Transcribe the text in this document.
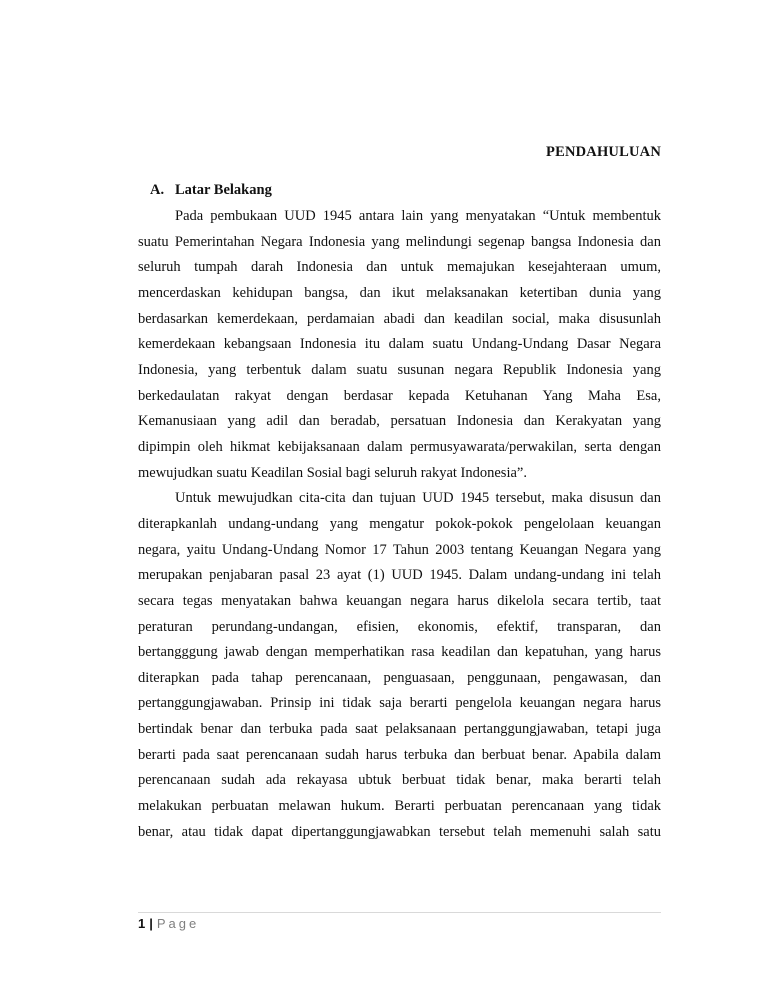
PENDAHULUAN
A. Latar Belakang
Pada pembukaan UUD 1945 antara lain yang menyatakan “Untuk membentuk
suatu Pemerintahan Negara Indonesia yang melindungi segenap bangsa Indonesia dan
seluruh tumpah darah Indonesia dan untuk memajukan kesejahteraan umum,
mencerdaskan kehidupan bangsa, dan ikut melaksanakan ketertiban dunia yang
berdasarkan kemerdekaan, perdamaian abadi dan keadilan social, maka disusunlah
kemerdekaan kebangsaan Indonesia itu dalam suatu Undang-Undang Dasar Negara
Indonesia, yang terbentuk dalam suatu susunan negara Republik Indonesia yang
berkedaulatan rakyat dengan berdasar kepada Ketuhanan Yang Maha Esa,
Kemanusiaan yang adil dan beradab, persatuan Indonesia dan Kerakyatan yang
dipimpin oleh hikmat kebijaksanaan dalam permusyawarata/perwakilan, serta dengan
mewujudkan suatu Keadilan Sosial bagi seluruh rakyat Indonesia”.
Untuk mewujudkan cita-cita dan tujuan UUD 1945 tersebut, maka disusun dan
diterapkanlah undang-undang yang mengatur pokok-pokok pengelolaan keuangan
negara, yaitu Undang-Undang Nomor 17 Tahun 2003 tentang Keuangan Negara yang
merupakan penjabaran pasal 23 ayat (1) UUD 1945. Dalam undang-undang ini telah
secara tegas menyatakan bahwa keuangan negara harus dikelola secara tertib, taat
peraturan perundang-undangan, efisien, ekonomis, efektif, transparan, dan
bertangggung jawab dengan memperhatikan rasa keadilan dan kepatuhan, yang harus
diterapkan pada tahap perencanaan, penguasaan, penggunaan, pengawasan, dan
pertanggungjawaban. Prinsip ini tidak saja berarti pengelola keuangan negara harus
bertindak benar dan terbuka pada saat pelaksanaan pertanggungjawaban, tetapi juga
berarti pada saat perencanaan sudah harus terbuka dan berbuat benar. Apabila dalam
perencanaan sudah ada rekayasa ubtuk berbuat tidak benar, maka berarti telah
melakukan perbuatan melawan hukum. Berarti perbuatan perencanaan yang tidak
benar, atau tidak dapat dipertanggungjawabkan tersebut telah memenuhi salah satu
1 | Page
